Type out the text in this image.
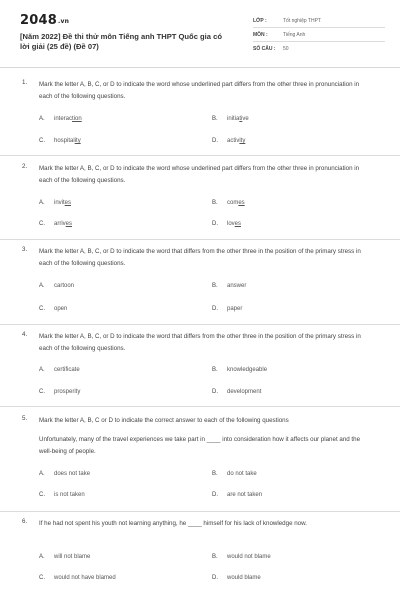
2048.vn
[Năm 2022] Đề thi thử môn Tiếng anh THPT Quốc gia có lời giải (25 đề) (Đề 07)
LỚP :	Tốt nghiệp THPT
MÔN :	Tiếng Anh
SỐ CÂU : 50
1. Mark the letter A, B, C, or D to indicate the word whose underlined part differs from the other three in pronunciation in each of the following questions.
A. interaction	B. initiative
C. hospitality	D. activity
2. Mark the letter A, B, C, or D to indicate the word whose underlined part differs from the other three in pronunciation in each of the following questions.
A. invites	B. comes
C. arrives	D. loves
3. Mark the letter A, B, C, or D to indicate the word that differs from the other three in the position of the primary stress in each of the following questions.
A. cartoon	B. answer
C. open	D. paper
4. Mark the letter A, B, C, or D to indicate the word that differs from the other three in the position of the primary stress in each of the following questions.
A. certificate	B. knowledgeable
C. prosperity	D. development
5. Mark the letter A, B, C or D to indicate the correct answer to each of the following questions
Unfortunately, many of the travel experiences we take part in ____ into consideration how it affects our planet and the well-being of people.
A. does not take	B. do not take
C. is not taken	D. are not taken
6. If he had not spent his youth not learning anything, he ____ himself for his lack of knowledge now.
A. will not blame	B. would not blame
C. would not have blamed	D. would blame
